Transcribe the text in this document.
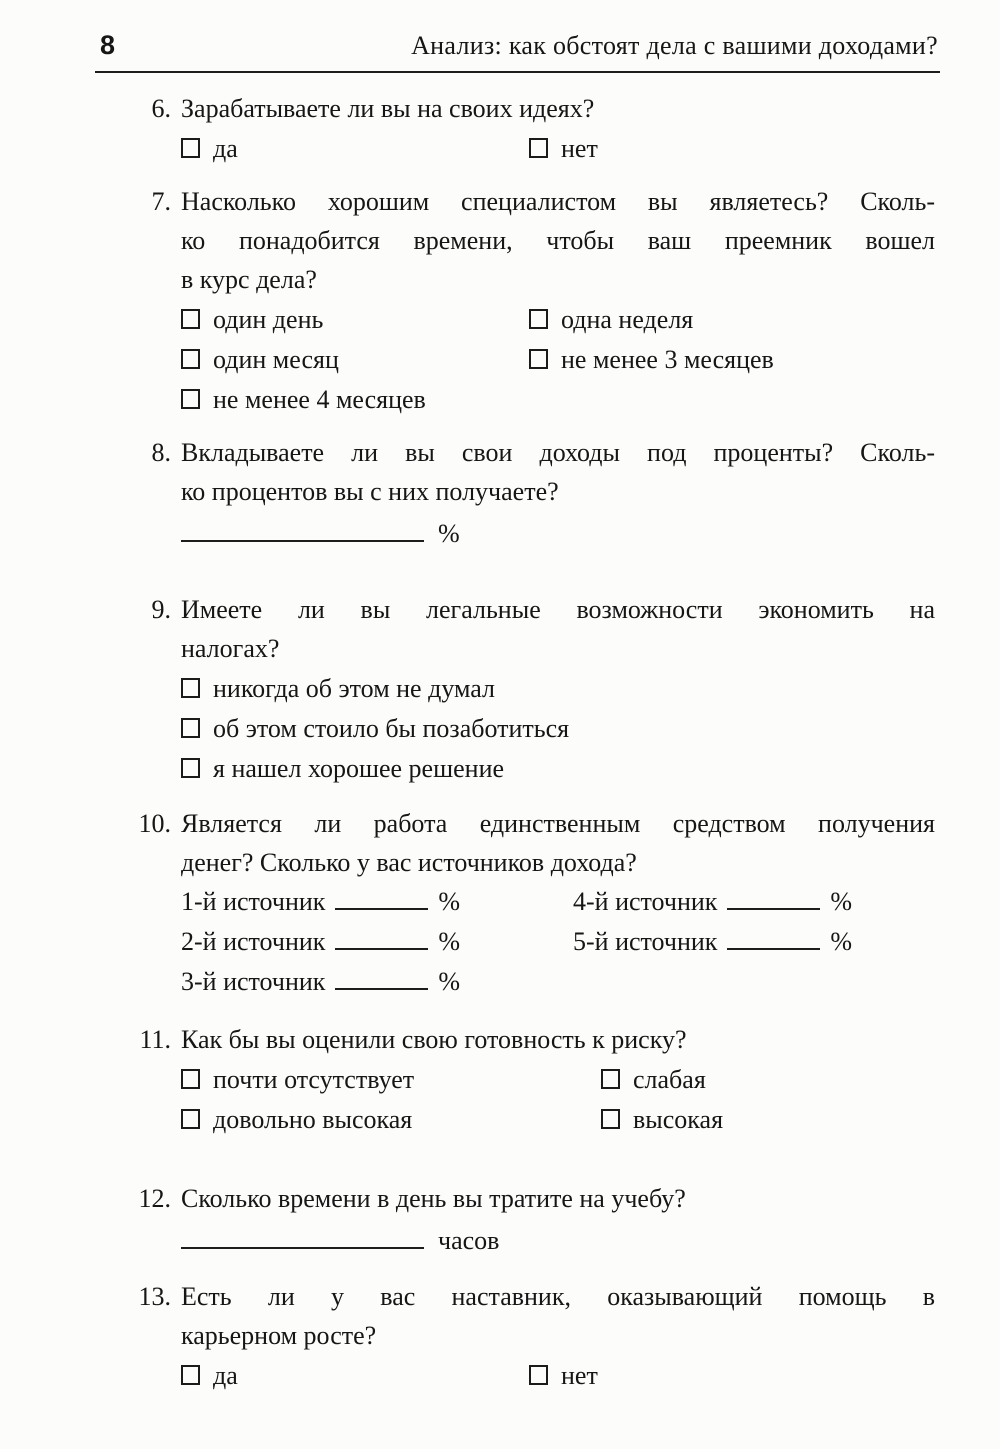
8	Анализ: как обстоят дела с вашими доходами?
6. Зарабатываете ли вы на своих идеях?
да	нет
7. Насколько хорошим специалистом вы являетесь? Сколь-
ко понадобится времени, чтобы ваш преемник вошел
в курс дела?
один день	одна неделя
один месяц	не менее 3 месяцев
не менее 4 месяцев
8. Вкладываете ли вы свои доходы под проценты? Сколь-
ко процентов вы с них получаете?
%
9. Имеете ли вы легальные возможности экономить на
налогах?
никогда об этом не думал
об этом стоило бы позаботиться
я нашел хорошее решение
10. Является ли работа единственным средством получения
денег? Сколько у вас источников дохода?
1-й источник	%	4-й источник	%
2-й источник	%	5-й источник	%
3-й источник	%
11. Как бы вы оценили свою готовность к риску?
почти отсутствует	слабая
довольно высокая	высокая
12. Сколько времени в день вы тратите на учебу?
часов
13. Есть ли у вас наставник, оказывающий помощь в
карьерном росте?
да	нет
